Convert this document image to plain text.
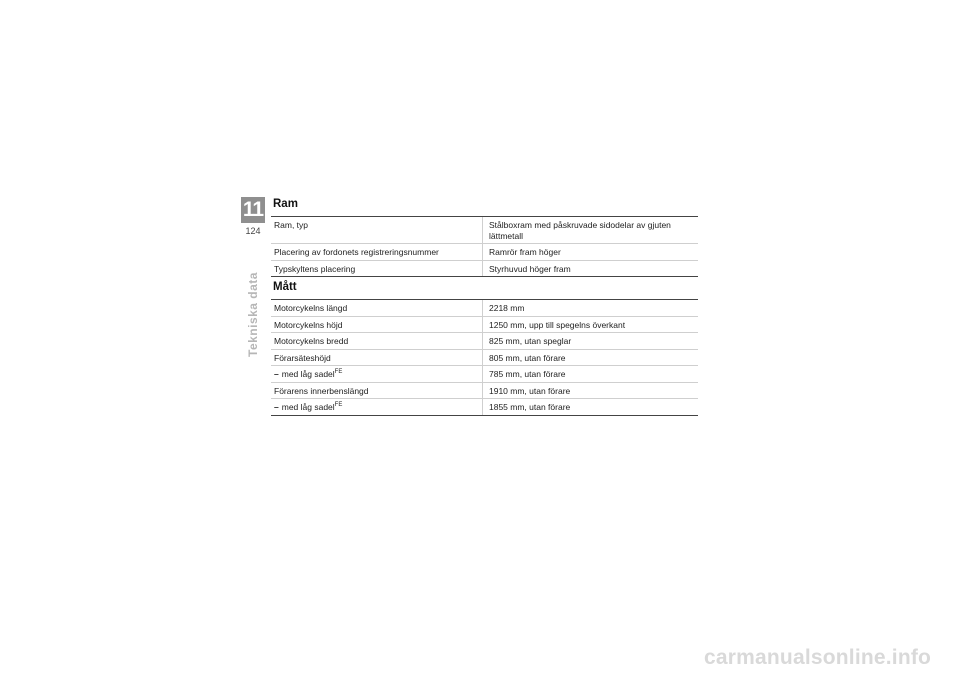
11
124
Tekniska data
Ram
Ram, typ	Stålboxram med påskruvade sidodelar av gjuten lättmetall
Placering av fordonets registreringsnummer	Ramrör fram höger
Typskyltens placering	Styrhuvud höger fram
Mått
Motorcykelns längd	2218 mm
Motorcykelns höjd	1250 mm, upp till spegelns överkant
Motorcykelns bredd	825 mm, utan speglar
Förarsäteshöjd	805 mm, utan förare
– med låg sadel$^{FE}$	785 mm, utan förare
Förarens innerbenslängd	1910 mm, utan förare
– med låg sadel$^{FE}$	1855 mm, utan förare
carmanualsonline.info
